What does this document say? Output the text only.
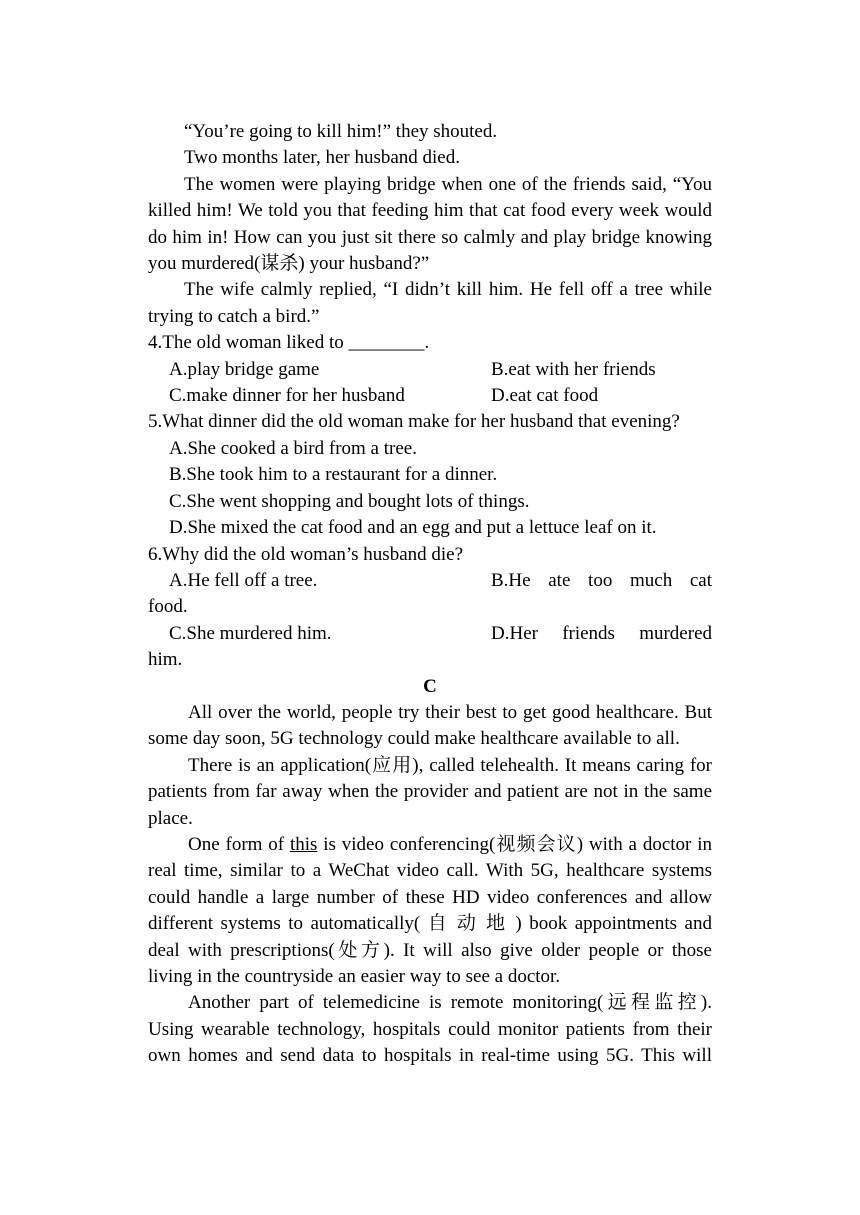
“You’re going to kill him!” they shouted.

Two months later, her husband died.

The women were playing bridge when one of the friends said, “You killed him! We told you that feeding him that cat food every week would do him in! How can you just sit there so calmly and play bridge knowing you murdered(谋杀) your husband?”

The wife calmly replied, “I didn’t kill him. He fell off a tree while trying to catch a bird.”

4.The old woman liked to ________.

A.play bridge game	B.eat with her friends
C.make dinner for her husband	D.eat cat food

5.What dinner did the old woman make for her husband that evening?

A.She cooked a bird from a tree.

B.She took him to a restaurant for a dinner.

C.She went shopping and bought lots of things.

D.She mixed the cat food and an egg and put a lettuce leaf on it.

6.Why did the old woman’s husband die?

A.He fell off a tree.	B.He ate too much cat

food.

C.She murdered him.	D.Her friends murdered

him.

C

All over the world, people try their best to get good healthcare. But some day soon, 5G technology could make healthcare available to all.

There is an application(应用), called telehealth. It means caring for patients from far away when the provider and patient are not in the same place.

One form of this is video conferencing(视频会议) with a doctor in real time, similar to a WeChat video call. With 5G, healthcare systems could handle a large number of these HD video conferences and allow different systems to automatically( 自 动 地 ) book appointments and deal with prescriptions(处方). It will also give older people or those living in the countryside an easier way to see a doctor.

Another part of telemedicine is remote monitoring(远程监控). Using wearable technology, hospitals could monitor patients from their own homes and send data to hospitals in real-time using 5G. This will
